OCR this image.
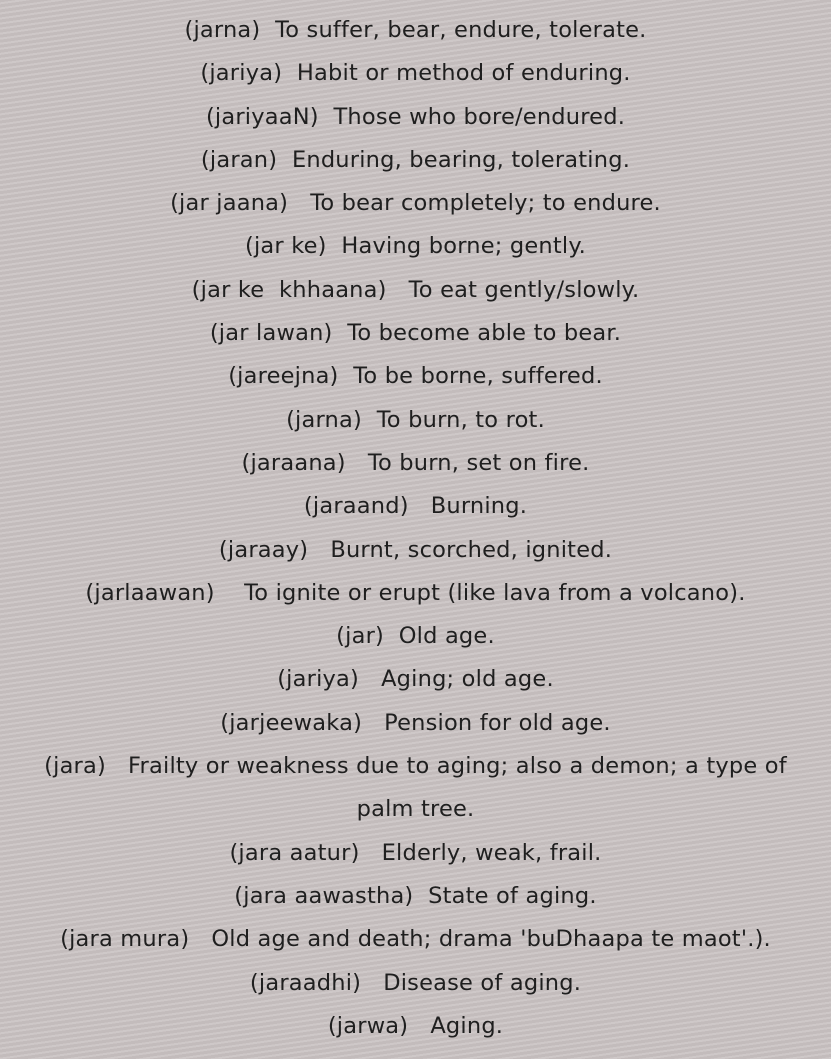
(jarna) To suffer, bear, endure, tolerate.

(jariya) Habit or method of enduring.

(jariyaaN) Those who bore/endured.

(jaran) Enduring, bearing, tolerating.

(jar jaana) To bear completely; to endure.

(jar ke) Having borne; gently.

(jar ke  khhaana) To eat gently/slowly.

(jar lawan) To become able to bear.

(jareejna) To be borne, suffered.

(jarna) To burn, to rot.

(jaraana) To burn, set on fire.

(jaraand) Burning.

(jaraay) Burnt, scorched, ignited.

(jarlaawan) To ignite or erupt (like lava from a volcano).

(jar) Old age.

(jariya) Aging; old age.

(jarjeewaka) Pension for old age.

(jara) Frailty or weakness due to aging; also a demon; a type of palm tree.

(jara aatur) Elderly, weak, frail.

(jara aawastha) State of aging.

(jara mura) Old age and death; drama 'buDhaapa te maot'.).

(jaraadhi) Disease of aging.

(jarwa) Aging.
